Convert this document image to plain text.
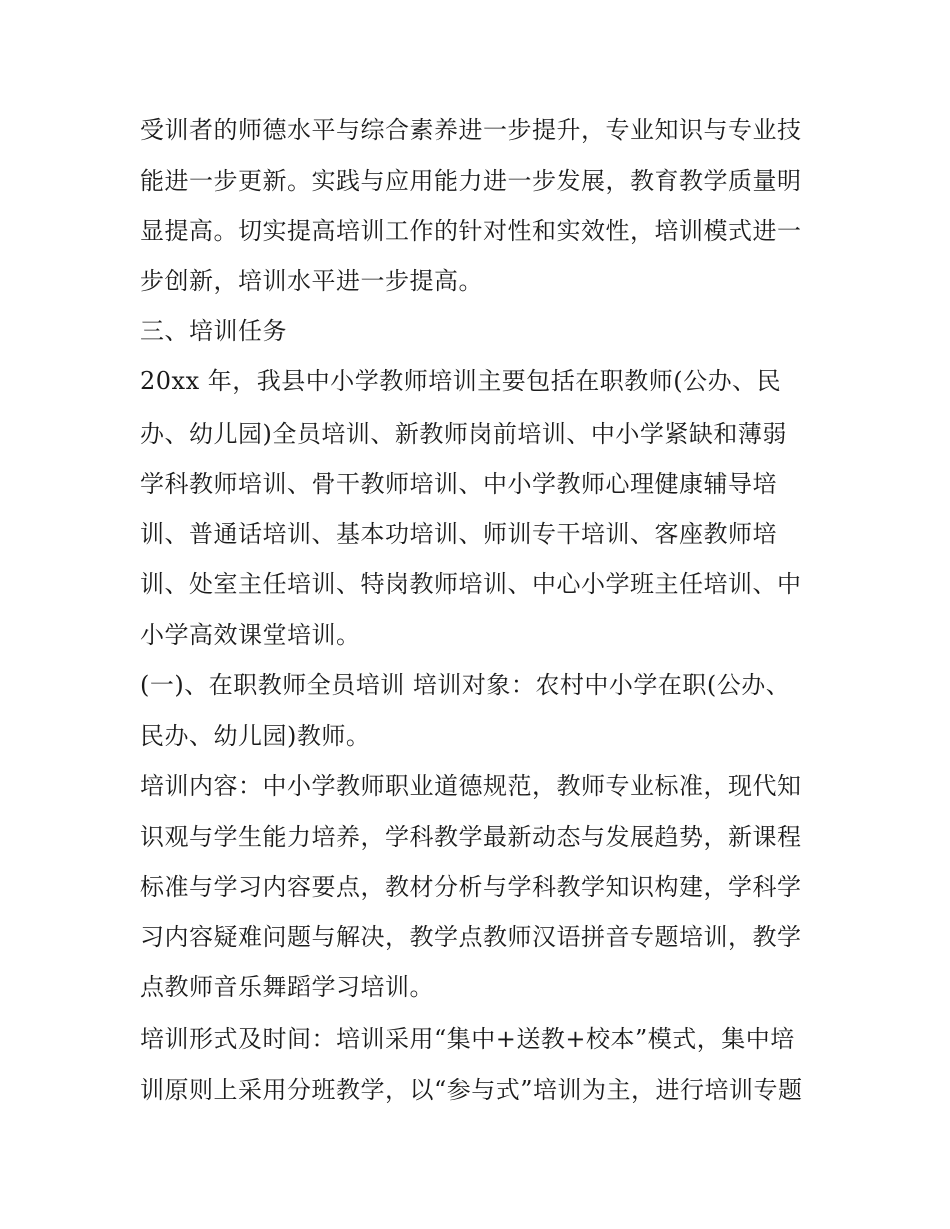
受训者的师德水平与综合素养进一步提升，专业知识与专业技
能进一步更新。实践与应用能力进一步发展，教育教学质量明
显提高。切实提高培训工作的针对性和实效性，培训模式进一
步创新，培训水平进一步提高。
三、培训任务
20xx 年，我县中小学教师培训主要包括在职教师(公办、民
办、幼儿园)全员培训、新教师岗前培训、中小学紧缺和薄弱
学科教师培训、骨干教师培训、中小学教师心理健康辅导培
训、普通话培训、基本功培训、师训专干培训、客座教师培
训、处室主任培训、特岗教师培训、中心小学班主任培训、中
小学高效课堂培训。
(一)、在职教师全员培训 培训对象：农村中小学在职(公办、
民办、幼儿园)教师。
培训内容：中小学教师职业道德规范，教师专业标准，现代知
识观与学生能力培养，学科教学最新动态与发展趋势，新课程
标准与学习内容要点，教材分析与学科教学知识构建，学科学
习内容疑难问题与解决，教学点教师汉语拼音专题培训，教学
点教师音乐舞蹈学习培训。
培训形式及时间：培训采用“集中+送教+校本”模式，集中培
训原则上采用分班教学，以“参与式”培训为主，进行培训专题
